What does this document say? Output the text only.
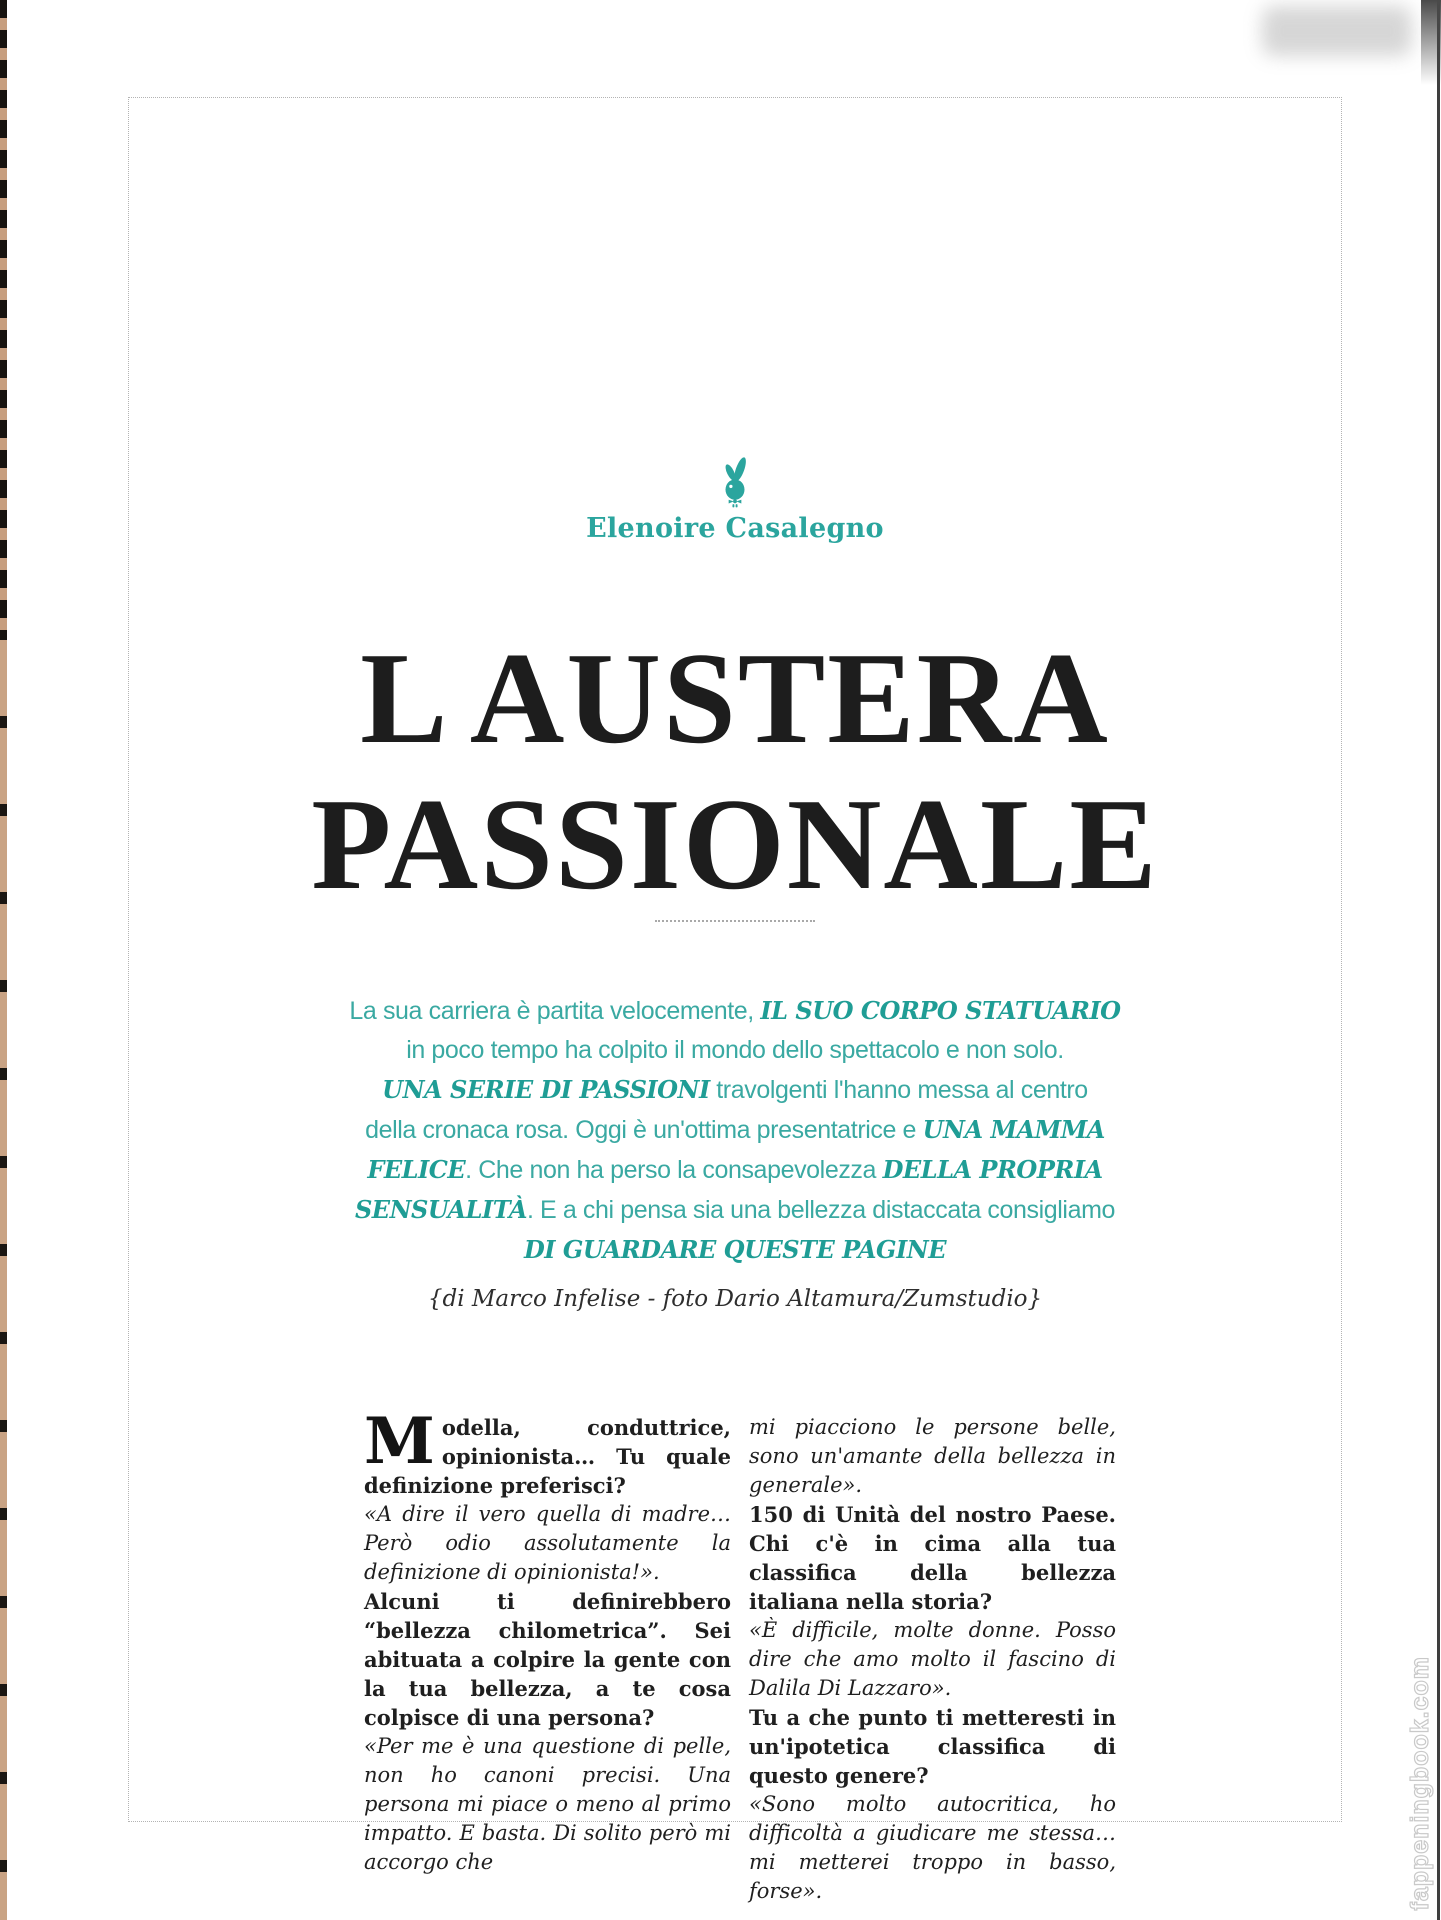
Elenoire Casalegno
L AUSTERA
PASSIONALE
La sua carriera è partita velocemente, IL SUO CORPO STATUARIO
in poco tempo ha colpito il mondo dello spettacolo e non solo.
UNA SERIE DI PASSIONI travolgenti l'hanno messa al centro
della cronaca rosa. Oggi è un'ottima presentatrice e UNA MAMMA
FELICE. Che non ha perso la consapevolezza DELLA PROPRIA
SENSUALITÀ. E a chi pensa sia una bellezza distaccata consigliamo
DI GUARDARE QUESTE PAGINE
{di Marco Infelise - foto Dario Altamura/Zumstudio}

Modella, conduttrice, opinionista… Tu quale definizione preferisci?

«A dire il vero quella di madre… Però odio assolutamente la definizione di opinionista!».

Alcuni ti definirebbero “bellezza chilometrica”. Sei abituata a colpire la gente con la tua bellezza, a te cosa colpisce di una persona?

«Per me è una questione di pelle, non ho canoni precisi. Una persona mi piace o meno al primo impatto. E basta. Di solito però mi accorgo che

mi piacciono le persone belle, sono un'amante della bellezza in generale».

150 di Unità del nostro Paese. Chi c'è in cima alla tua classifica della bellezza italiana nella storia?

«È difficile, molte donne. Posso dire che amo molto il fascino di Dalila Di Lazzaro».

Tu a che punto ti metteresti in un'ipotetica classifica di questo genere?

«Sono molto autocritica, ho difficoltà a giudicare me stessa… mi metterei troppo in basso, forse».	fappeningbook.com
